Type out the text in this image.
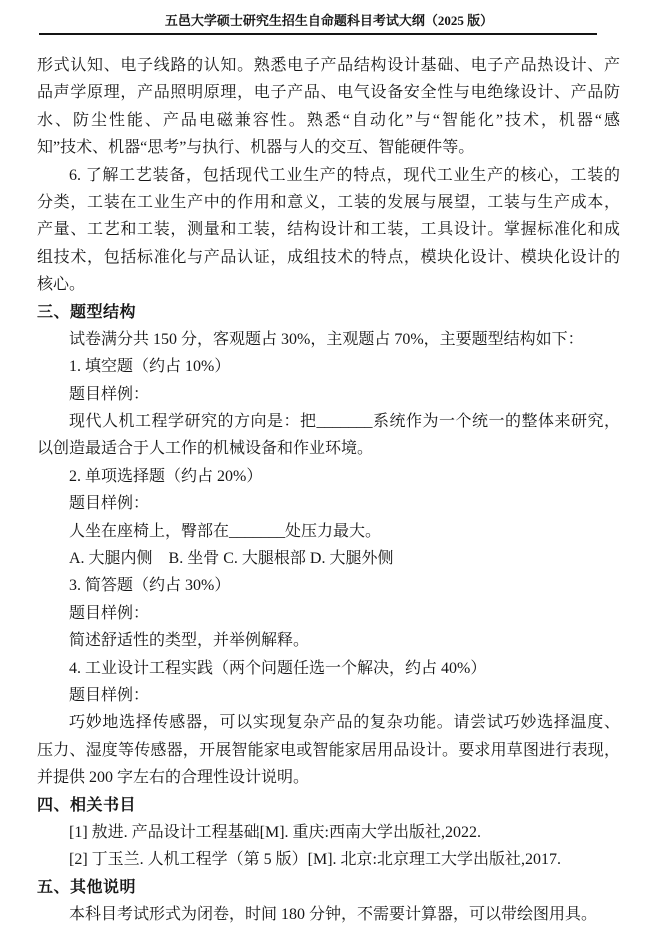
五邑大学硕士研究生招生自命题科目考试大纲（2025 版）
形式认知、电子线路的认知。熟悉电子产品结构设计基础、电子产品热设计、产
品声学原理，产品照明原理，电子产品、电气设备安全性与电绝缘设计、产品防
水、防尘性能、产品电磁兼容性。熟悉“自动化”与“智能化”技术，机器“感
知”技术、机器“思考”与执行、机器与人的交互、智能硬件等。
6. 了解工艺装备，包括现代工业生产的特点，现代工业生产的核心，工装的
分类，工装在工业生产中的作用和意义，工装的发展与展望，工装与生产成本，
产量、工艺和工装，测量和工装，结构设计和工装，工具设计。掌握标准化和成
组技术，包括标准化与产品认证，成组技术的特点，模块化设计、模块化设计的
核心。
三、题型结构
试卷满分共 150 分，客观题占 30%，主观题占 70%，主要题型结构如下：
1. 填空题（约占 10%）
题目样例：
现代人机工程学研究的方向是：把_______系统作为一个统一的整体来研究，
以创造最适合于人工作的机械设备和作业环境。
2. 单项选择题（约占 20%）
题目样例：
人坐在座椅上，臀部在_______处压力最大。
A. 大腿内侧　B. 坐骨 C. 大腿根部 D. 大腿外侧
3. 简答题（约占 30%）
题目样例：
简述舒适性的类型，并举例解释。
4. 工业设计工程实践（两个问题任选一个解决，约占 40%）
题目样例：
巧妙地选择传感器，可以实现复杂产品的复杂功能。请尝试巧妙选择温度、
压力、湿度等传感器，开展智能家电或智能家居用品设计。要求用草图进行表现，
并提供 200 字左右的合理性设计说明。
四、相关书目
[1] 敖进. 产品设计工程基础[M]. 重庆:西南大学出版社,2022.
[2] 丁玉兰. 人机工程学（第 5 版）[M]. 北京:北京理工大学出版社,2017.
五、其他说明
本科目考试形式为闭卷，时间 180 分钟，不需要计算器，可以带绘图用具。
